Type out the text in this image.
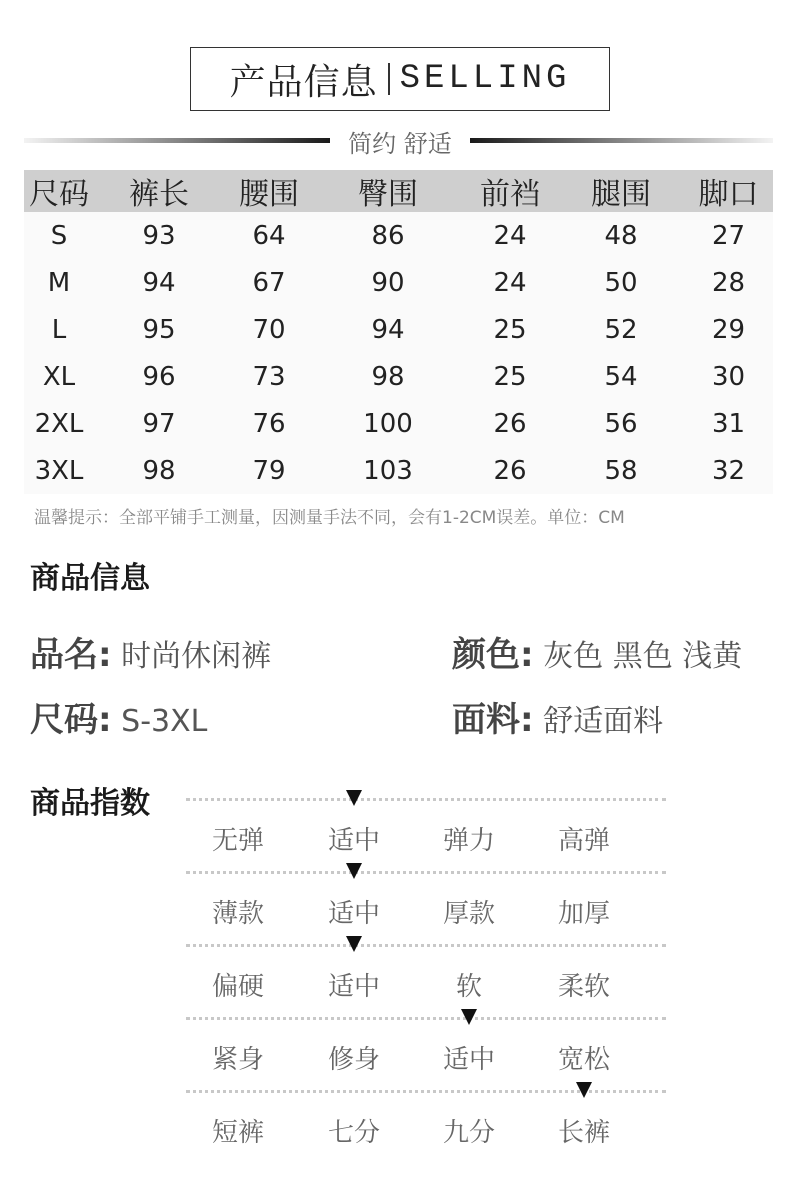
产品信息 SELLING
简约 舒适
尺码	裤长	腰围	臀围	前裆	腿围	脚口
S	93	64	86	24	48	27
M	94	67	90	24	50	28
L	95	70	94	25	52	29
XL	96	73	98	25	54	30
2XL	97	76	100	26	56	31
3XL	98	79	103	26	58	32
温馨提示：全部平铺手工测量，因测量手法不同，会有1-2CM误差。单位：CM
商品信息
品名: 时尚休闲裤	颜色: 灰色 黑色 浅黄
尺码: S-3XL	面料: 舒适面料
商品指数
无弹	适中	弹力	高弹
薄款	适中	厚款	加厚
偏硬	适中	软	柔软
紧身	修身	适中	宽松
短裤	七分	九分	长裤
